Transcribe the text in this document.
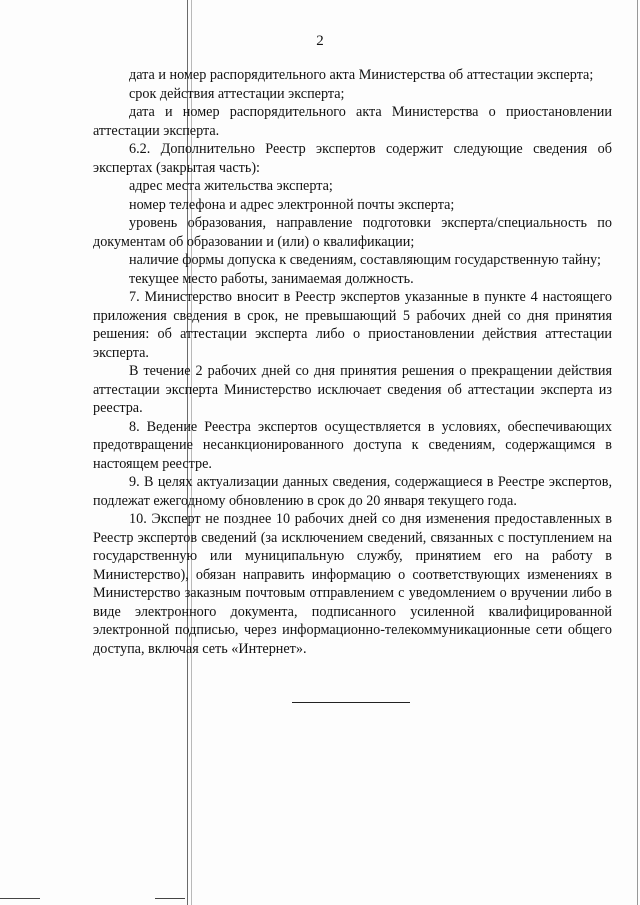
2

дата и номер распорядительного акта Министерства об аттестации эксперта;

срок действия аттестации эксперта;

дата и номер распорядительного акта Министерства о приостановлении аттестации эксперта.

6.2. Дополнительно Реестр экспертов содержит следующие сведения об экспертах (закрытая часть):

адрес места жительства эксперта;

номер телефона и адрес электронной почты эксперта;

уровень образования, направление подготовки эксперта/специальность по документам об образовании и (или) о квалификации;

наличие формы допуска к сведениям, составляющим государственную тайну;

текущее место работы, занимаемая должность.

7. Министерство вносит в Реестр экспертов указанные в пункте 4 настоящего приложения сведения в срок, не превышающий 5 рабочих дней со дня принятия решения: об аттестации эксперта либо о приостановлении действия аттестации эксперта.

В течение 2 рабочих дней со дня принятия решения о прекращении действия аттестации эксперта Министерство исключает сведения об аттестации эксперта из реестра.

8. Ведение Реестра экспертов осуществляется в условиях, обеспечивающих предотвращение несанкционированного доступа к сведениям, содержащимся в настоящем реестре.

9. В целях актуализации данных сведения, содержащиеся в Реестре экспертов, подлежат ежегодному обновлению в срок до 20 января текущего года.

10. Эксперт не позднее 10 рабочих дней со дня изменения предоставленных в Реестр экспертов сведений (за исключением сведений, связанных с поступлением на государственную или муниципальную службу, принятием его на работу в Министерство), обязан направить информацию о соответствующих изменениях в Министерство заказным почтовым отправлением с уведомлением о вручении либо в виде электронного документа, подписанного усиленной квалифицированной электронной подписью, через информационно-телекоммуникационные сети общего доступа, включая сеть «Интернет».
